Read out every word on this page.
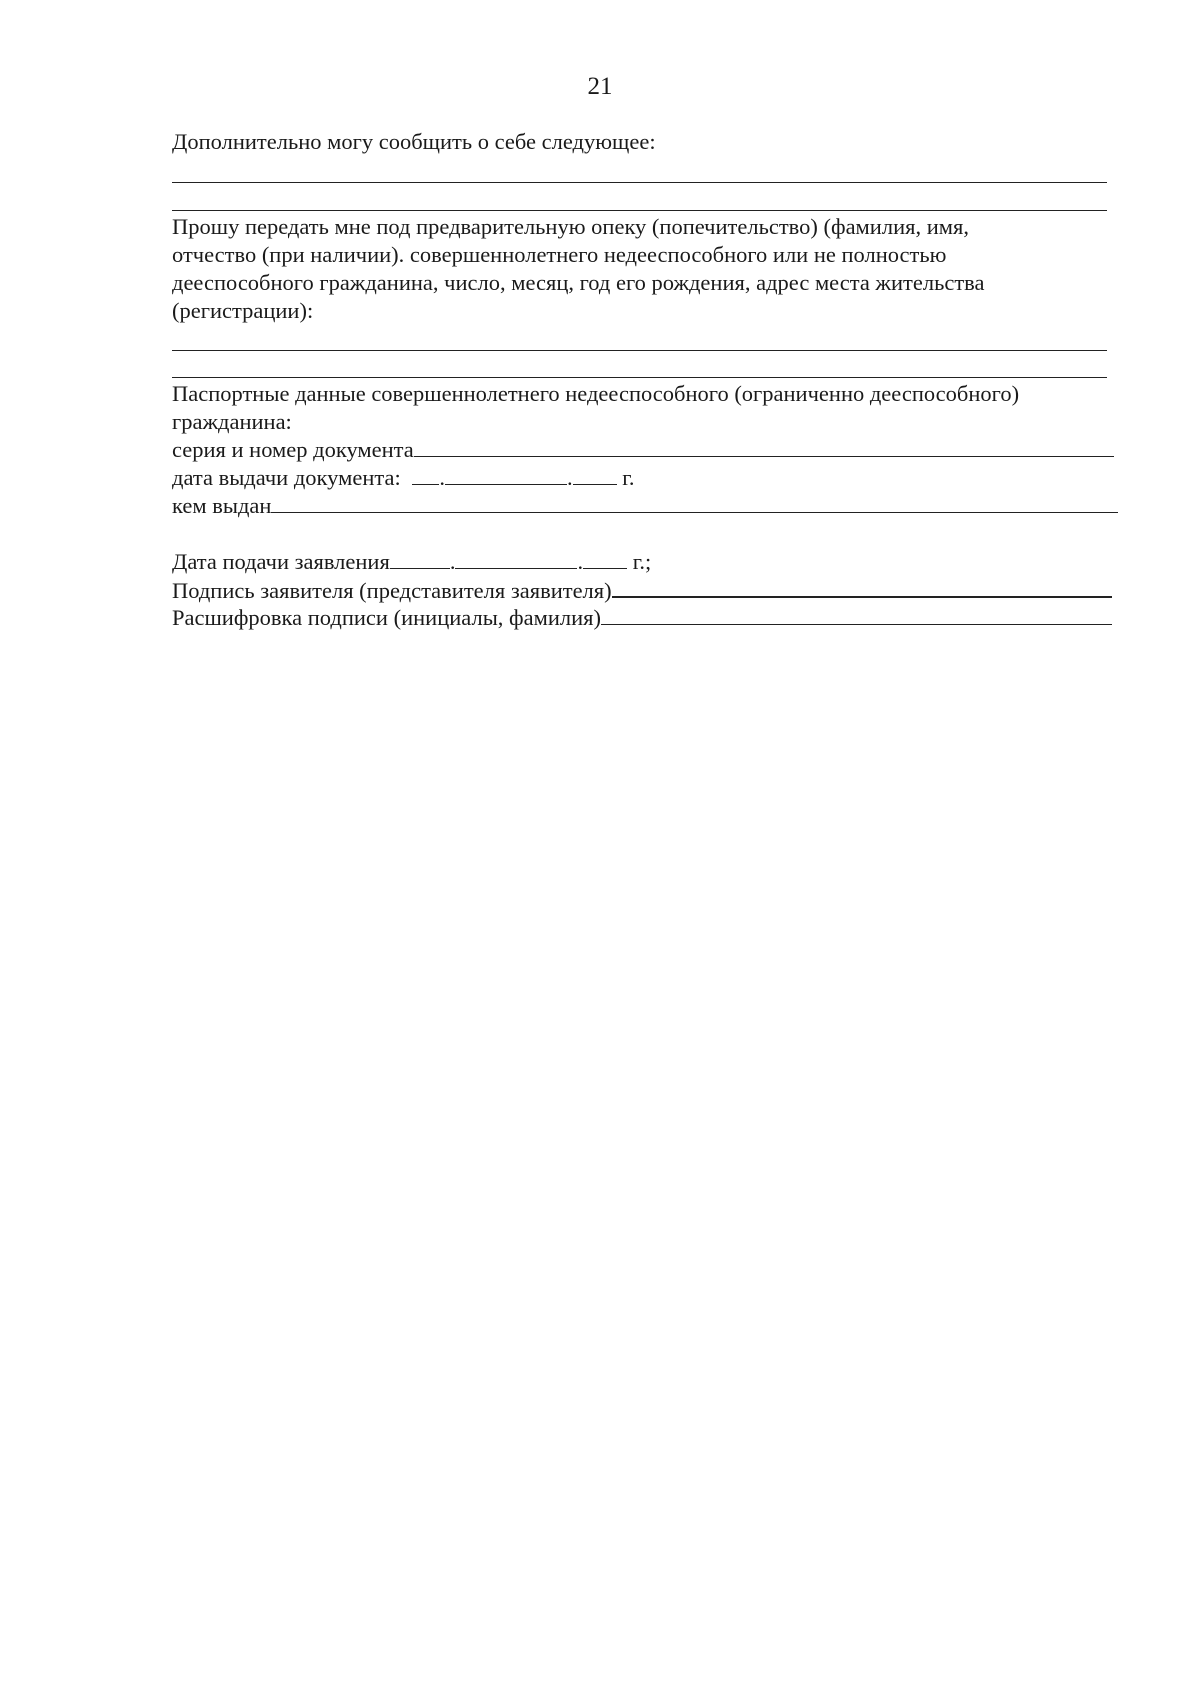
21
Дополнительно могу сообщить о себе следующее:
Прошу передать мне под предварительную опеку (попечительство) (фамилия, имя,
отчество (при наличии). совершеннолетнего недееспособного или не полностью
дееспособного гражданина, число, месяц, год его рождения, адрес места жительства
(регистрации):
Паспортные данные совершеннолетнего недееспособного (ограниченно дееспособного)
гражданина:
серия и номер документа
дата выдачи документа: .	. г.
кем выдан
Дата подачи заявления	.	. г.;
Подпись заявителя (представителя заявителя)
Расшифровка подписи (инициалы, фамилия)
